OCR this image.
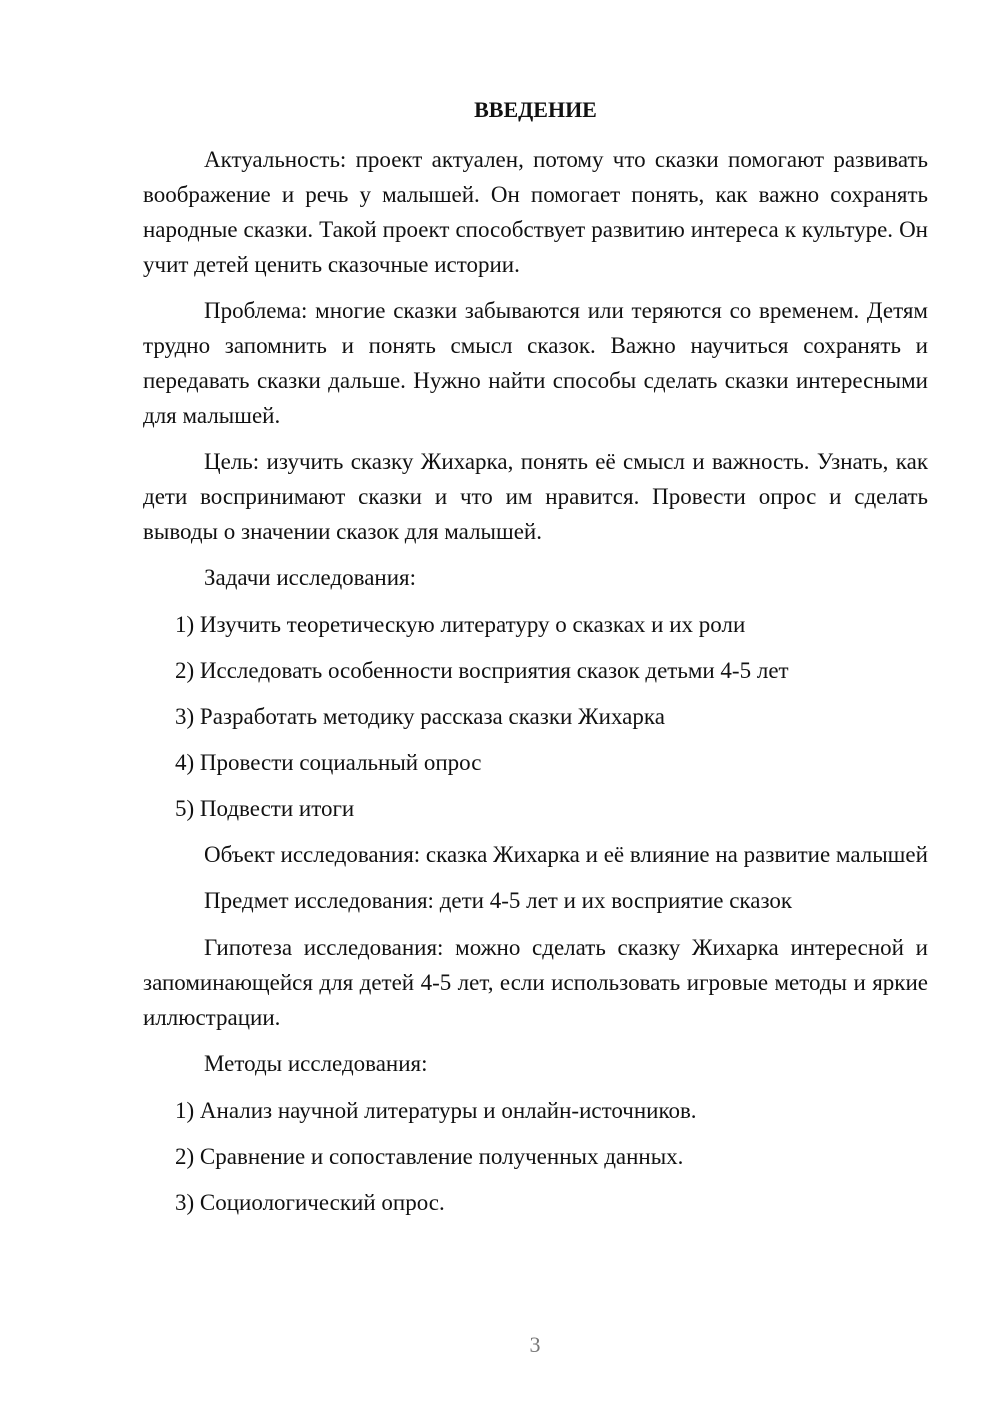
ВВЕДЕНИЕ

Актуальность: проект актуален, потому что сказки помогают развивать воображение и речь у малышей. Он помогает понять, как важно сохранять народные сказки. Такой проект способствует развитию интереса к культуре. Он учит детей ценить сказочные истории.

Проблема: многие сказки забываются или теряются со временем. Детям трудно запомнить и понять смысл сказок. Важно научиться сохранять и передавать сказки дальше. Нужно найти способы сделать сказки интересными для малышей.

Цель: изучить сказку Жихарка, понять её смысл и важность. Узнать, как дети воспринимают сказки и что им нравится. Провести опрос и сделать выводы о значении сказок для малышей.

Задачи исследования:

1) Изучить теоретическую литературу о сказках и их роли
2) Исследовать особенности восприятия сказок детьми 4-5 лет
3) Разработать методику рассказа сказки Жихарка
4) Провести социальный опрос
5) Подвести итоги

Объект исследования: сказка Жихарка и её влияние на развитие малышей

Предмет исследования: дети 4-5 лет и их восприятие сказок

Гипотеза исследования: можно сделать сказку Жихарка интересной и запоминающейся для детей 4-5 лет, если использовать игровые методы и яркие иллюстрации.

Методы исследования:

1) Анализ научной литературы и онлайн-источников.
2) Сравнение и сопоставление полученных данных.
3) Социологический опрос.
3
